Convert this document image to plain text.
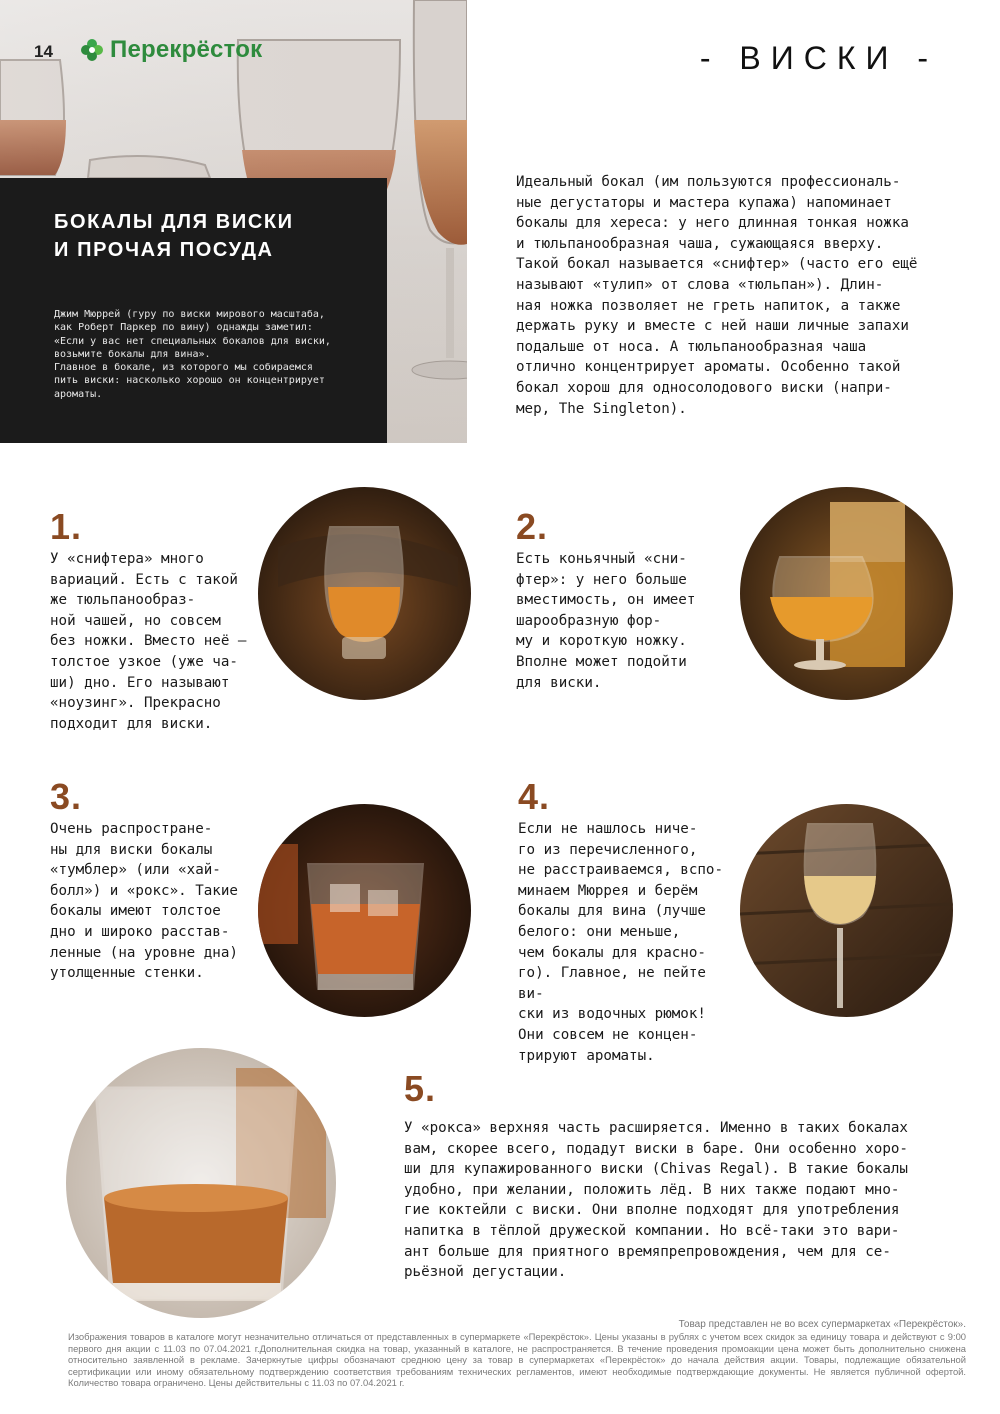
14 Перекрёсток	- ВИСКИ -
БОКАЛЫ ДЛЯ ВИСКИ
И ПРОЧАЯ ПОСУДА
Джим Мюррей (гуру по виски мирового масштаба,
как Роберт Паркер по вину) однажды заметил:
«Если у вас нет специальных бокалов для виски,
возьмите бокалы для вина».
Главное в бокале, из которого мы собираемся
пить виски: насколько хорошо он концентрирует
ароматы.
Идеальный бокал (им пользуются профессиональ-
ные дегустаторы и мастера купажа) напоминает
бокалы для хереса: у него длинная тонкая ножка
и тюльпанообразная чаша, сужающаяся вверху.
Такой бокал называется «снифтер» (часто его ещё
называют «тулип» от слова «тюльпан»). Длин-
ная ножка позволяет не греть напиток, а также
держать руку и вместе с ней наши личные запахи
подальше от носа. А тюльпанообразная чаша
отлично концентрирует ароматы. Особенно такой
бокал хорош для односолодового виски (напри-
мер, The Singleton).
1.
У «снифтера» много
вариаций. Есть с такой
же тюльпанообраз-
ной чашей, но совсем
без ножки. Вместо неё –
толстое узкое (уже ча-
ши) дно. Его называют
«ноузинг». Прекрасно
подходит для виски.
2.
Есть коньячный «сни-
фтер»: у него больше
вместимость, он имеет
шарообразную фор-
му и короткую ножку.
Вполне может подойти
для виски.
3.
Очень распростране-
ны для виски бокалы
«тумблер» (или «хай-
болл») и «рокс». Такие
бокалы имеют толстое
дно и широко расстав-
ленные (на уровне дна)
утолщенные стенки.
4.
Если не нашлось ниче-
го из перечисленного,
не расстраиваемся, вспо-
минаем Мюррея и берём
бокалы для вина (лучше
белого: они меньше,
чем бокалы для красно-
го). Главное, не пейте ви-
ски из водочных рюмок!
Они совсем не концен-
трируют ароматы.
5.
У «рокса» верхняя часть расширяется. Именно в таких бокалах
вам, скорее всего, подадут виски в баре. Они особенно хоро-
ши для купажированного виски (Chivas Regal). В такие бокалы
удобно, при желании, положить лёд. В них также подают мно-
гие коктейли с виски. Они вполне подходят для употребления
напитка в тёплой дружеской компании. Но всё-таки это вари-
ант больше для приятного времяпрепровождения, чем для се-
рьёзной дегустации.
Товар представлен не во всех супермаркетах «Перекрёсток».
Изображения товаров в каталоге могут незначительно отличаться от представленных в супермаркете «Перекрёсток». Цены указаны в рублях с учетом всех скидок за единицу товара и действуют с 9:00 первого дня акции с 11.03 по 07.04.2021 г.Дополнительная скидка на товар, указанный в каталоге, не распространяется. В течение проведения промоакции цена может быть дополнительно снижена относительно заявленной в рекламе. Зачеркнутые цифры обозначают среднюю цену за товар в супермаркетах «Перекрёсток» до начала действия акции. Товары, подлежащие обязательной сертификации или иному обязательному подтверждению соответствия требованиям технических регламентов, имеют необходимые подтверждающие документы. Не является публичной офертой. Количество товара ограничено. Цены действительны с 11.03 по 07.04.2021 г.
